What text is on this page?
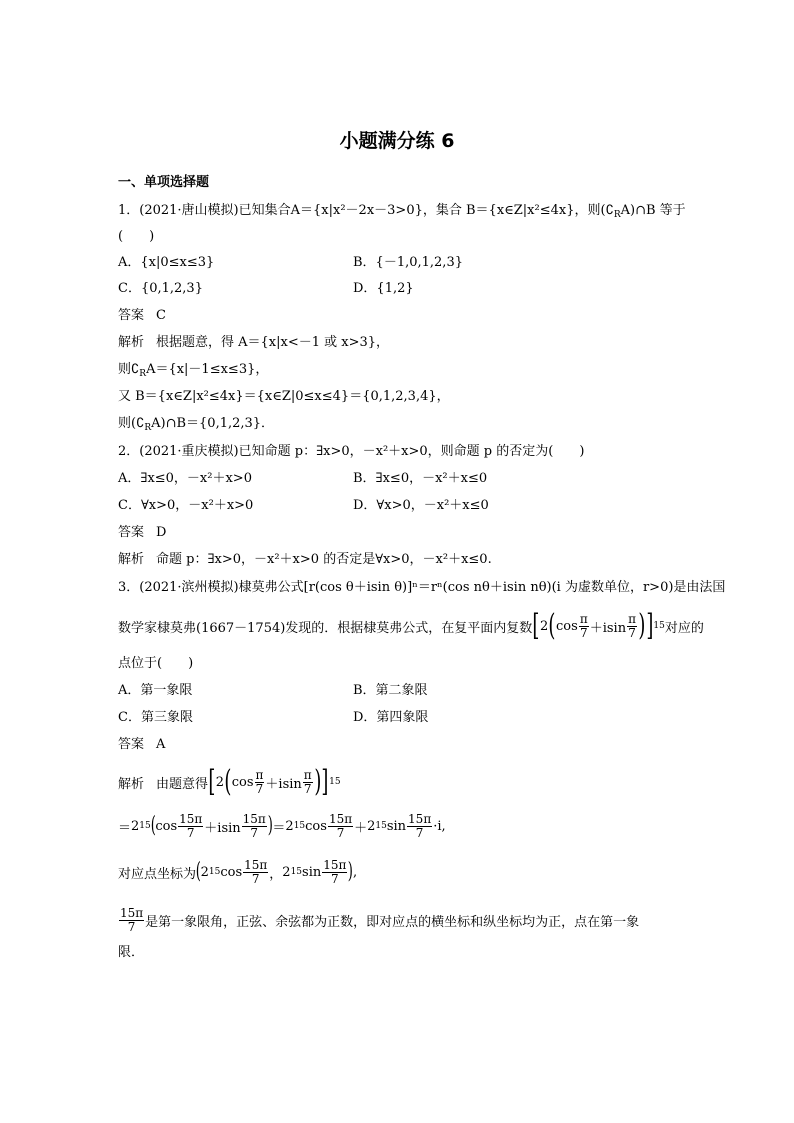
小题满分练 6
一、单项选择题
1．(2021·唐山模拟)已知集合A＝{x|x²－2x－3>0}，集合 B＝{x∈Z|x²≤4x}，则$(∁_RA)\cap B$ 等于
(　　)
A．{x|0≤x≤3}	B．{－1,0,1,2,3}
C．{0,1,2,3}	D．{1,2}
答案 C
解析 根据题意，得 A＝{x|x<－1 或 x>3}，
则$∁_RA=\{x|-1\le x\le 3\}$，
又 B＝{x∈Z|x²≤4x}＝{x∈Z|0≤x≤4}＝{0,1,2,3,4}，
则$(∁_RA)\cap B=\{0,1,2,3\}$．
2．(2021·重庆模拟)已知命题 p：∃x>0，－x²＋x>0，则命题 p 的否定为(　　)
A．∃x≤0，－x²＋x>0	B．∃x≤0，－x²＋x≤0
C．∀x>0，－x²＋x>0	D．∀x>0，－x²＋x≤0
答案 D
解析 命题 p：∃x>0，－x²＋x>0 的否定是∀x>0，－x²＋x≤0.
3．(2021·滨州模拟)棣莫弗公式[r(cos θ＋isin θ)]ⁿ＝rⁿ(cos nθ＋isin nθ)(i 为虚数单位，r>0)是由法国
数学家棣莫弗(1667－1754)发现的．根据棣莫弗公式，在复平面内复数 [ 2 ( $\cos \frac{\pi}{7} +isin \frac{\pi}{7}$ ) ] 15 对应的
点位于(　　)
A．第一象限	B．第二象限
C．第三象限	D．第四象限
答案 A
解析 由题意得 [ 2 ( $\cos \frac{\pi}{7} +isin \frac{\pi}{7}$ ) ] 15
＝ 2 15 ( $\cos \frac{15\pi}{7} +isin \frac{15\pi}{7}$ ) ＝ 2 15 $\cos \frac{15\pi}{7} + 2$ 15 $\sin \frac{15\pi}{7} \cdot i$,
对应点坐标为 ( 2 15 $\cos \frac{15\pi}{7}$ ， 2 15 $\sin \frac{15\pi}{7}$ ) ,
$\frac{15\pi}{7}$ 是第一象限角，正弦、余弦都为正数，即对应点的横坐标和纵坐标均为正，点在第一象
限．
